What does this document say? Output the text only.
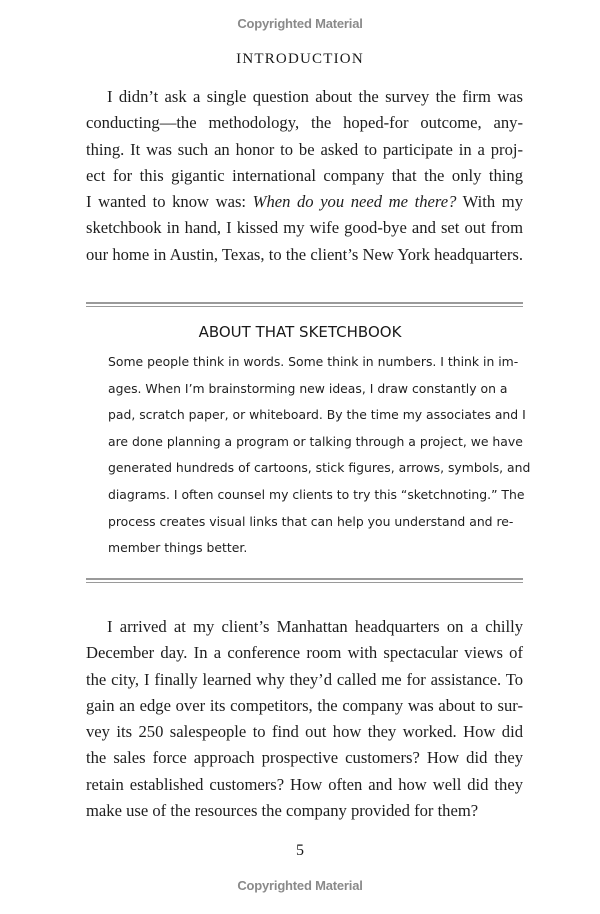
Copyrighted Material
INTRODUCTION
I didn’t ask a single question about the survey the firm was
conducting—the methodology, the hoped-for outcome, any-
thing. It was such an honor to be asked to participate in a proj-
ect for this gigantic international company that the only thing
I wanted to know was: When do you need me there? With my
sketchbook in hand, I kissed my wife good-bye and set out from
our home in Austin, Texas, to the client’s New York headquarters.
ABOUT THAT SKETCHBOOK
Some people think in words. Some think in numbers. I think in im-
ages. When I’m brainstorming new ideas, I draw constantly on a
pad, scratch paper, or whiteboard. By the time my associates and I
are done planning a program or talking through a project, we have
generated hundreds of cartoons, stick figures, arrows, symbols, and
diagrams. I often counsel my clients to try this “sketchnoting.” The
process creates visual links that can help you understand and re-
member things better.
I arrived at my client’s Manhattan headquarters on a chilly
December day. In a conference room with spectacular views of
the city, I finally learned why they’d called me for assistance. To
gain an edge over its competitors, the company was about to sur-
vey its 250 salespeople to find out how they worked. How did
the sales force approach prospective customers? How did they
retain established customers? How often and how well did they
make use of the resources the company provided for them?
5
Copyrighted Material
